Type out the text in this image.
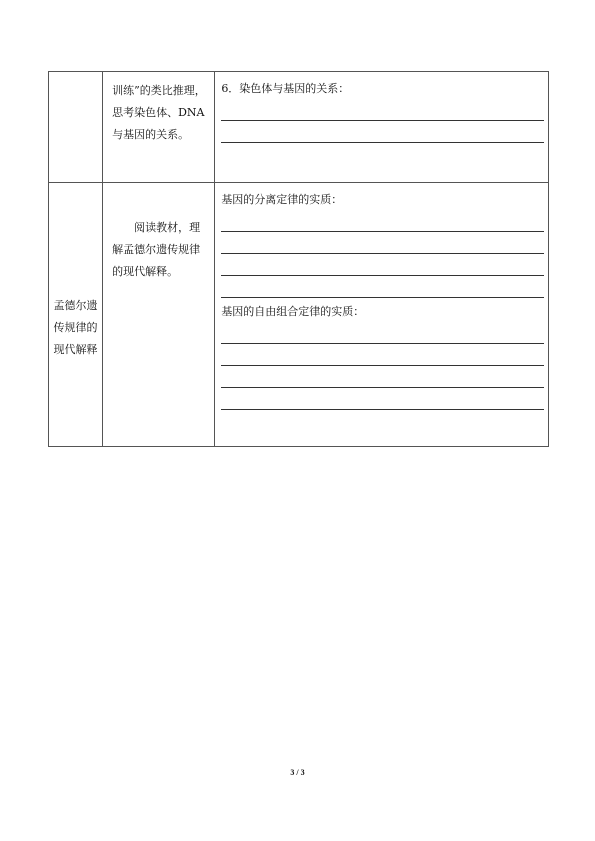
	训练”的类比推理，思考染色体、DNA与基因的关系。	6．染色体与基因的关系：

孟德尔遗传规律的现代解释	阅读教材，理解孟德尔遗传规律的现代解释。	基因的分离定律的实质：

基因的自由组合定律的实质：

3 / 3
